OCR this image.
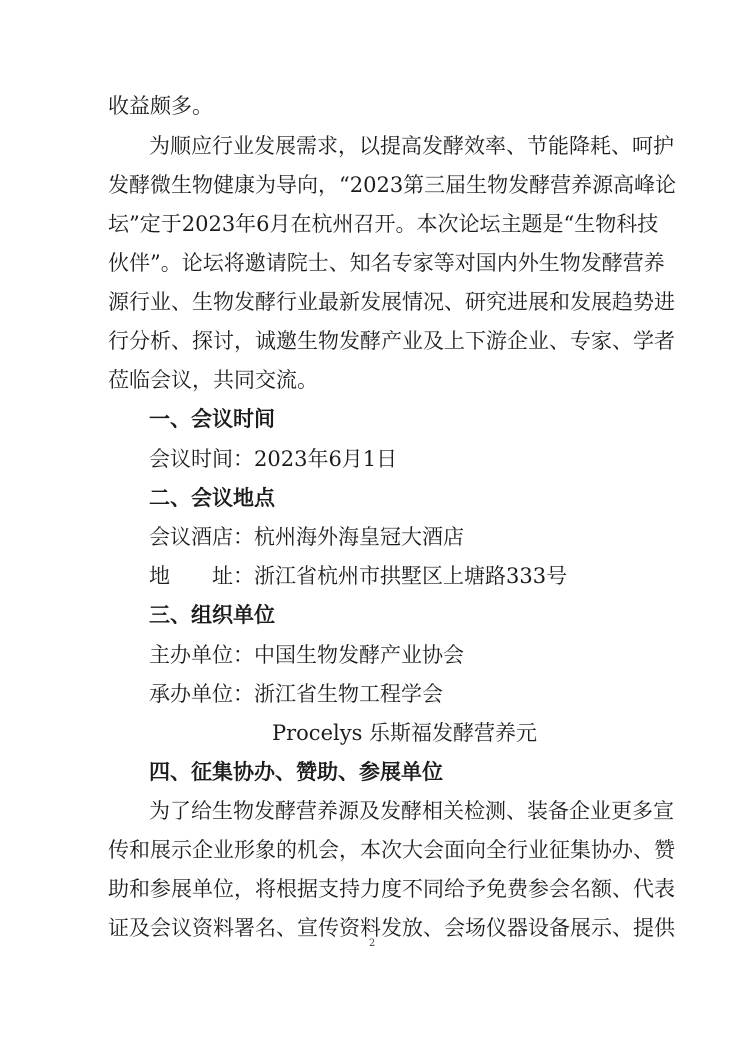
收益颇多。
为顺应行业发展需求，以提高发酵效率、节能降耗、呵护
发酵微生物健康为导向，“2023第三届生物发酵营养源高峰论
坛”定于2023年6月在杭州召开。本次论坛主题是“生物科技
伙伴”。论坛将邀请院士、知名专家等对国内外生物发酵营养
源行业、生物发酵行业最新发展情况、研究进展和发展趋势进
行分析、探讨，诚邀生物发酵产业及上下游企业、专家、学者
莅临会议，共同交流。
一、会议时间
会议时间：2023年6月1日
二、会议地点
会议酒店：杭州海外海皇冠大酒店
地　　址：浙江省杭州市拱墅区上塘路333号
三、组织单位
主办单位：中国生物发酵产业协会
承办单位：浙江省生物工程学会
Procelys 乐斯福发酵营养元
四、征集协办、赞助、参展单位
为了给生物发酵营养源及发酵相关检测、装备企业更多宣
传和展示企业形象的机会，本次大会面向全行业征集协办、赞
助和参展单位，将根据支持力度不同给予免费参会名额、代表
证及会议资料署名、宣传资料发放、会场仪器设备展示、提供
2
